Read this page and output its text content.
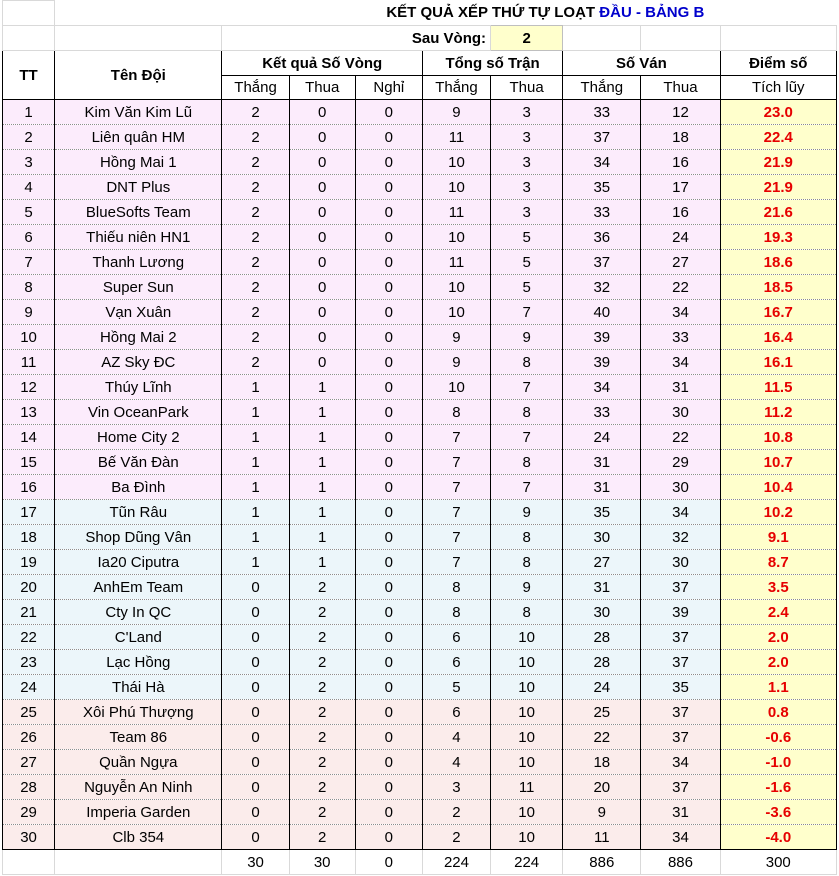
	KẾT QUẢ XẾP THỨ TỰ LOẠT ĐẦU - BẢNG B								
		Sau Vòng:				2			
TT	Tên Đội	Kết quả Số Vòng			Tổng số Trận		Số Ván		Điểm số
		Thắng	Thua	Nghỉ	Thắng	Thua	Thắng	Thua	Tích lũy
1	Kim Văn Kim Lũ	2	0	0	9	3	33	12	23.0
2	Liên quân HM	2	0	0	11	3	37	18	22.4
3	Hồng Mai 1	2	0	0	10	3	34	16	21.9
4	DNT Plus	2	0	0	10	3	35	17	21.9
5	BlueSofts Team	2	0	0	11	3	33	16	21.6
6	Thiếu niên HN1	2	0	0	10	5	36	24	19.3
7	Thanh Lương	2	0	0	11	5	37	27	18.6
8	Super Sun	2	0	0	10	5	32	22	18.5
9	Vạn Xuân	2	0	0	10	7	40	34	16.7
10	Hồng Mai 2	2	0	0	9	9	39	33	16.4
11	AZ Sky ĐC	2	0	0	9	8	39	34	16.1
12	Thúy Lĩnh	1	1	0	10	7	34	31	11.5
13	Vin OceanPark	1	1	0	8	8	33	30	11.2
14	Home City 2	1	1	0	7	7	24	22	10.8
15	Bế Văn Đàn	1	1	0	7	8	31	29	10.7
16	Ba Đình	1	1	0	7	7	31	30	10.4
17	Tũn Râu	1	1	0	7	9	35	34	10.2
18	Shop Dũng Vân	1	1	0	7	8	30	32	9.1
19	Ia20 Ciputra	1	1	0	7	8	27	30	8.7
20	AnhEm Team	0	2	0	8	9	31	37	3.5
21	Cty In QC	0	2	0	8	8	30	39	2.4
22	C'Land	0	2	0	6	10	28	37	2.0
23	Lạc Hồng	0	2	0	6	10	28	37	2.0
24	Thái Hà	0	2	0	5	10	24	35	1.1
25	Xôi Phú Thượng	0	2	0	6	10	25	37	0.8
26	Team 86	0	2	0	4	10	22	37	-0.6
27	Quần Ngựa	0	2	0	4	10	18	34	-1.0
28	Nguyễn An Ninh	0	2	0	3	11	20	37	-1.6
29	Imperia Garden	0	2	0	2	10	9	31	-3.6
30	Clb 354	0	2	0	2	10	11	34	-4.0
		30	30	0	224	224	886	886	300
